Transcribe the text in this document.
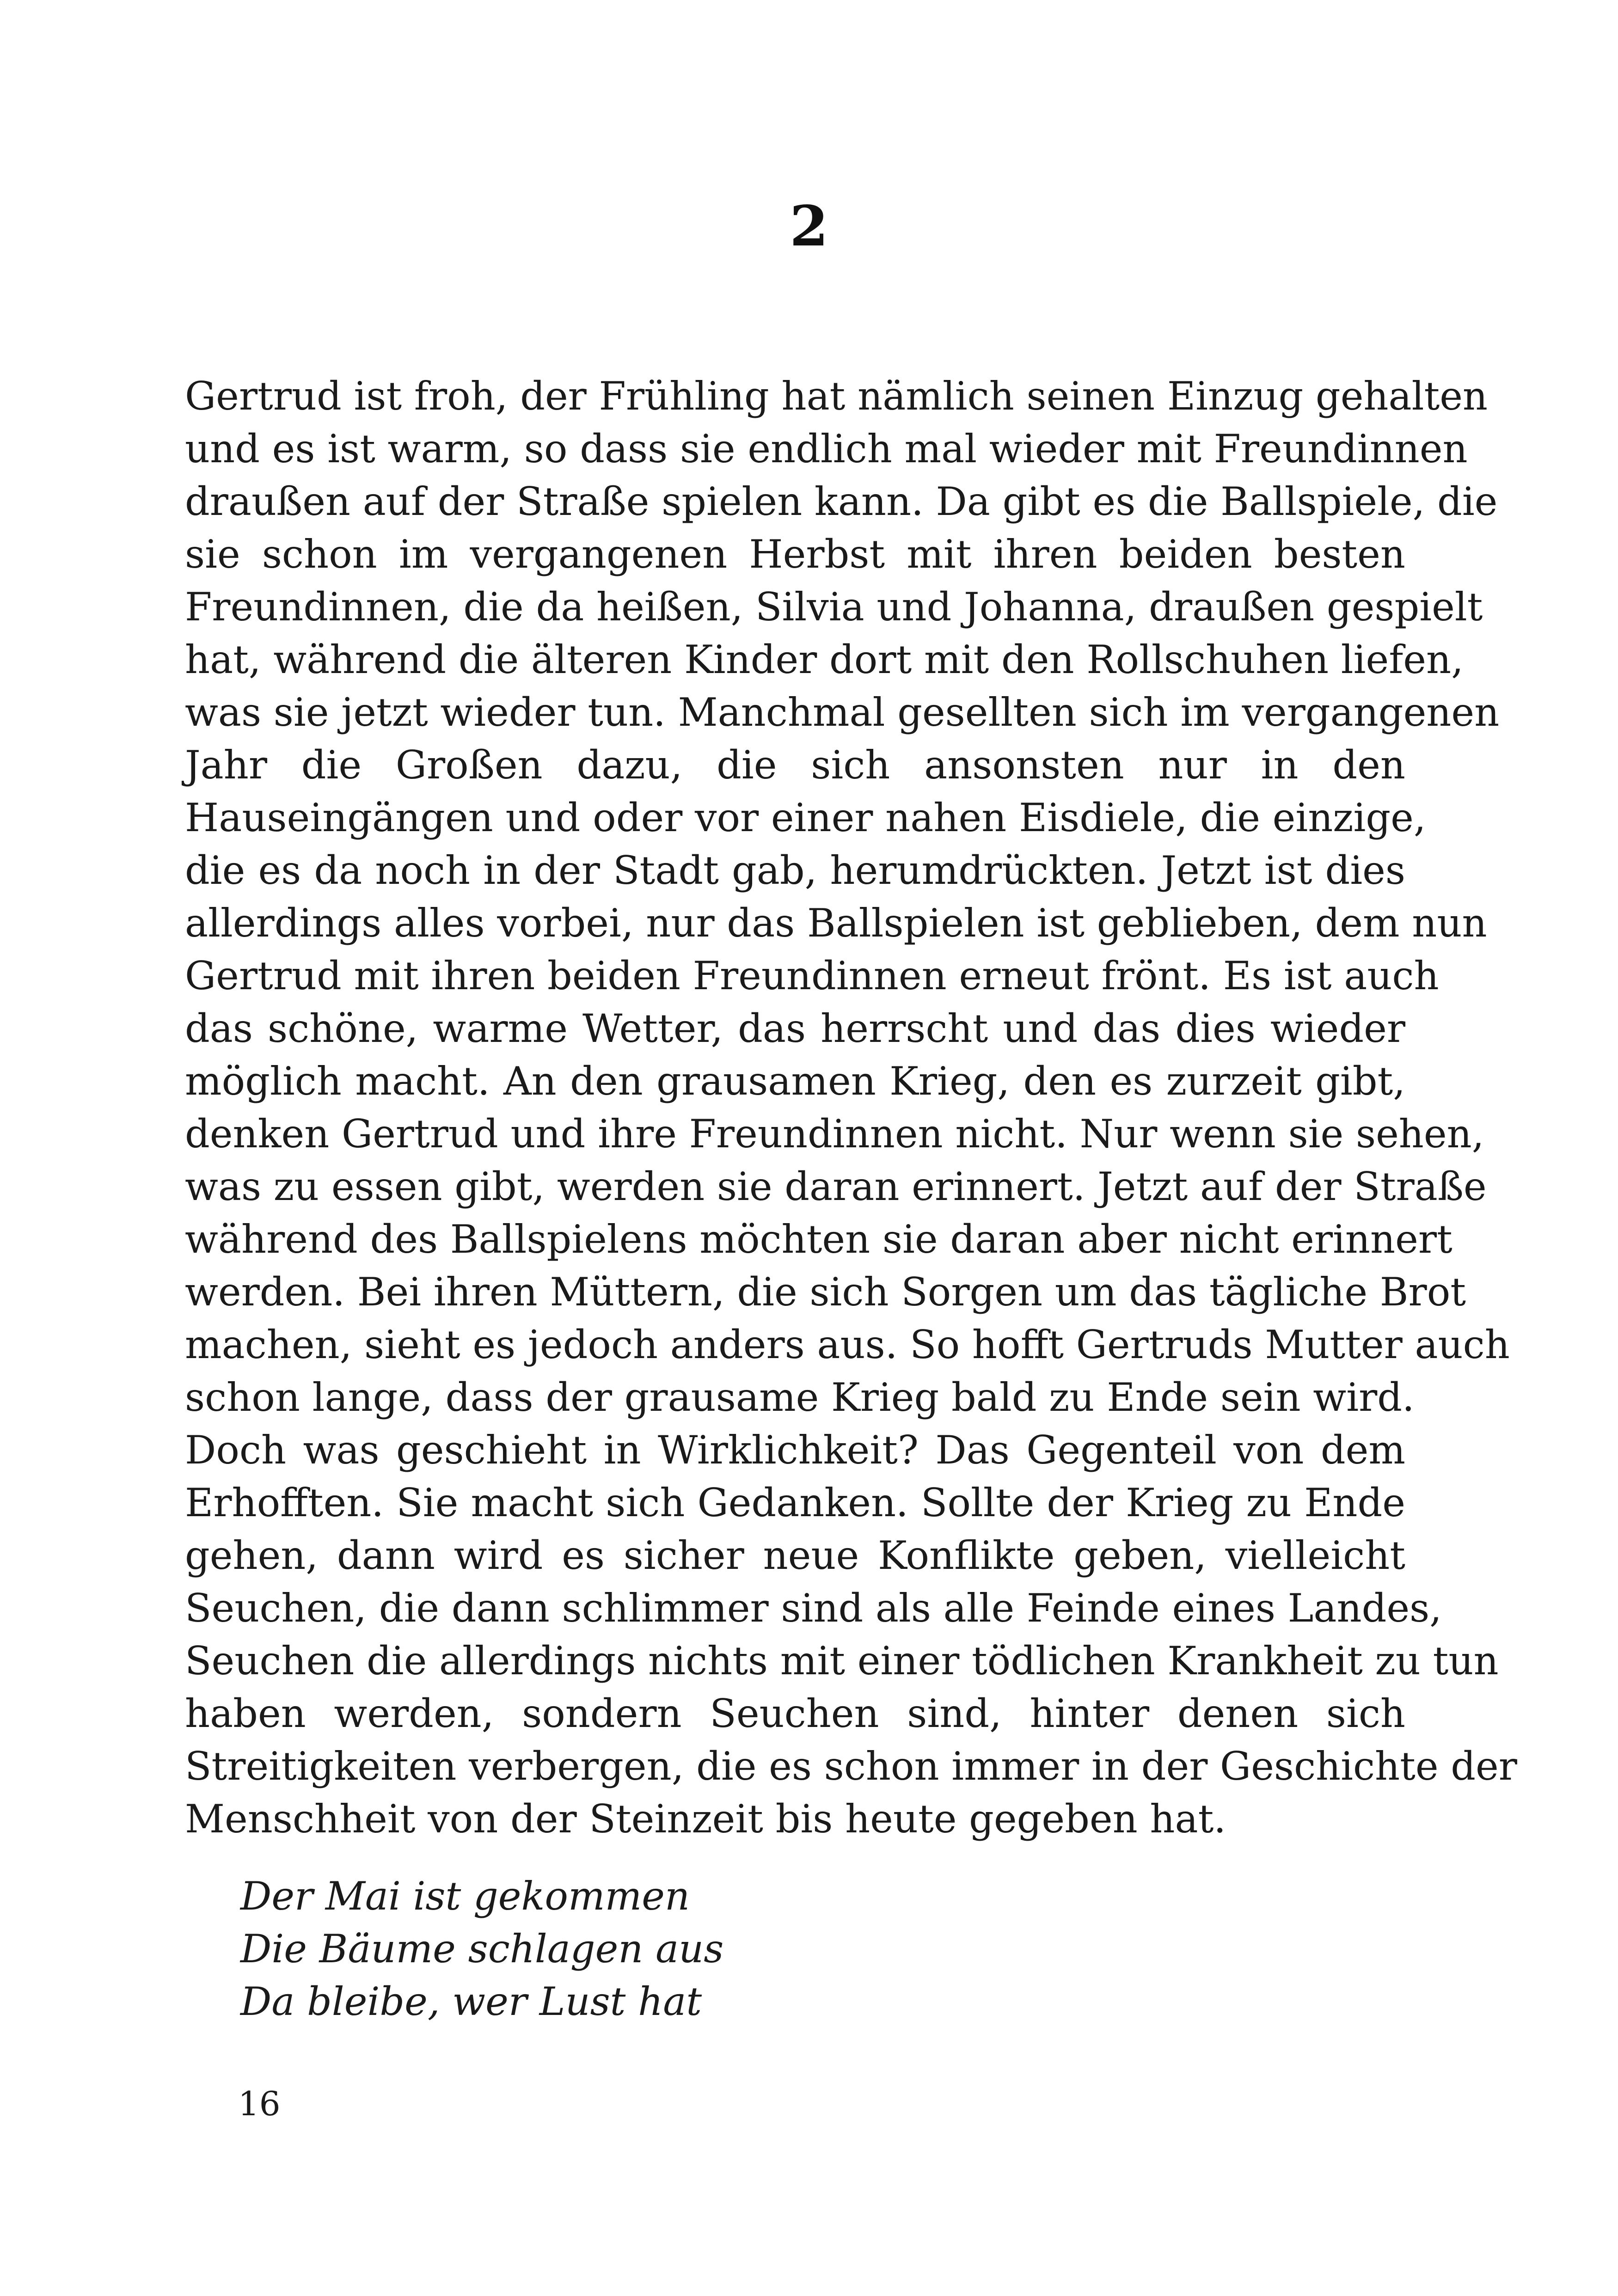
2
Gertrud ist froh, der Frühling hat nämlich seinen Einzug gehalten
und es ist warm, so dass sie endlich mal wieder mit Freundinnen
draußen auf der Straße spielen kann. Da gibt es die Ballspiele, die
sie schon im vergangenen Herbst mit ihren beiden besten
Freundinnen, die da heißen, Silvia und Johanna, draußen gespielt
hat, während die älteren Kinder dort mit den Rollschuhen liefen,
was sie jetzt wieder tun. Manchmal gesellten sich im vergangenen
Jahr die Großen dazu, die sich ansonsten nur in den
Hauseingängen und oder vor einer nahen Eisdiele, die einzige,
die es da noch in der Stadt gab, herumdrückten. Jetzt ist dies
allerdings alles vorbei, nur das Ballspielen ist geblieben, dem nun
Gertrud mit ihren beiden Freundinnen erneut frönt. Es ist auch
das schöne, warme Wetter, das herrscht und das dies wieder
möglich macht. An den grausamen Krieg, den es zurzeit gibt,
denken Gertrud und ihre Freundinnen nicht. Nur wenn sie sehen,
was zu essen gibt, werden sie daran erinnert. Jetzt auf der Straße
während des Ballspielens möchten sie daran aber nicht erinnert
werden. Bei ihren Müttern, die sich Sorgen um das tägliche Brot
machen, sieht es jedoch anders aus. So hofft Gertruds Mutter auch
schon lange, dass der grausame Krieg bald zu Ende sein wird.
Doch was geschieht in Wirklichkeit? Das Gegenteil von dem
Erhofften. Sie macht sich Gedanken. Sollte der Krieg zu Ende
gehen, dann wird es sicher neue Konflikte geben, vielleicht
Seuchen, die dann schlimmer sind als alle Feinde eines Landes,
Seuchen die allerdings nichts mit einer tödlichen Krankheit zu tun
haben werden, sondern Seuchen sind, hinter denen sich
Streitigkeiten verbergen, die es schon immer in der Geschichte der
Menschheit von der Steinzeit bis heute gegeben hat.
Der Mai ist gekommen
Die Bäume schlagen aus
Da bleibe, wer Lust hat
16
